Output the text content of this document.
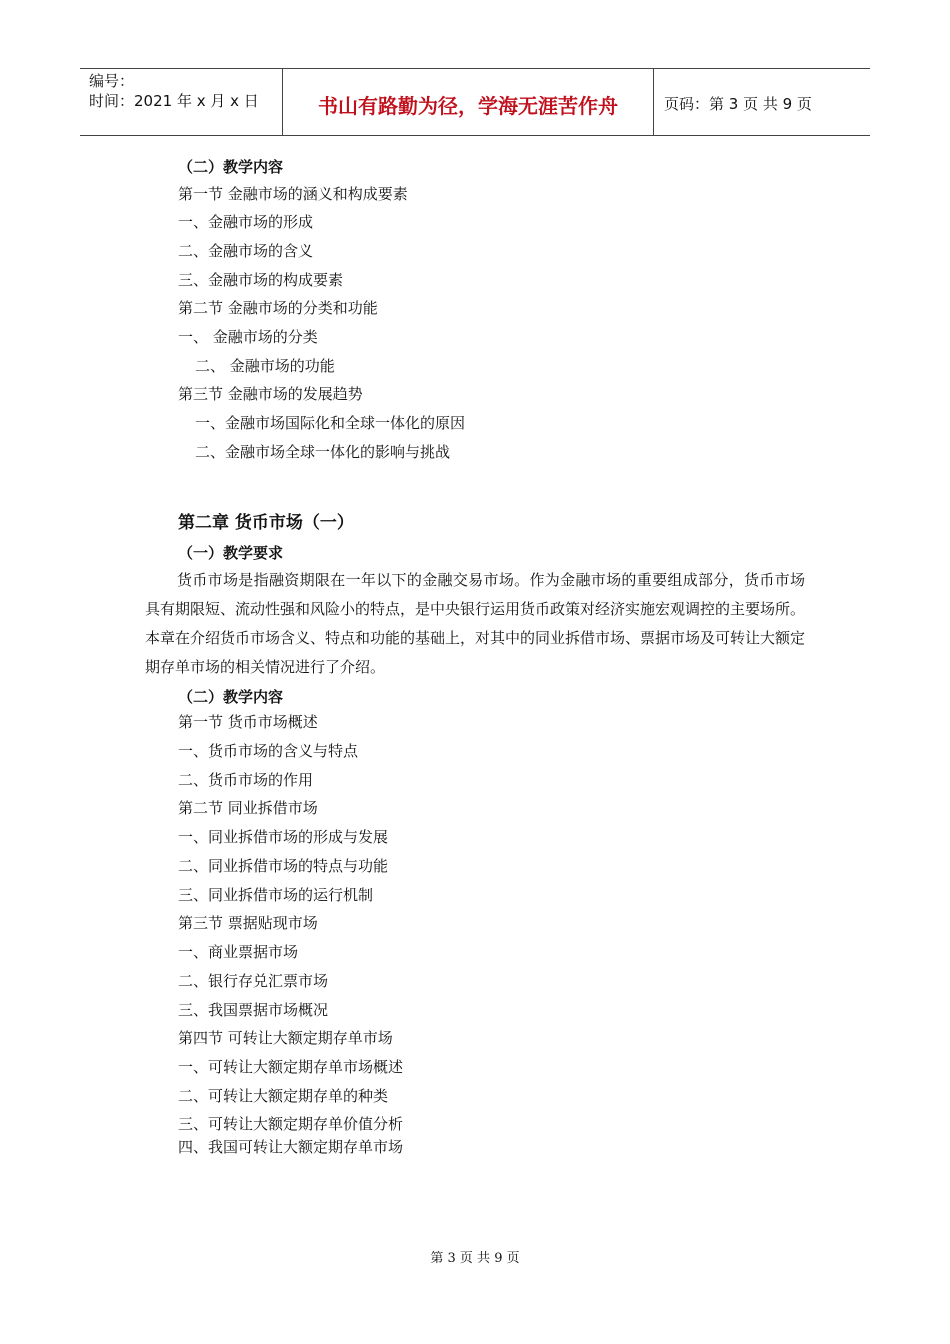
编号：
时间：2021 年 x 月 x 日	书山有路勤为径，学海无涯苦作舟	页码：第 3 页 共 9 页
（二）教学内容
第一节 金融市场的涵义和构成要素
一、金融市场的形成
二、金融市场的含义
三、金融市场的构成要素
第二节 金融市场的分类和功能
一、 金融市场的分类
二、 金融市场的功能
第三节 金融市场的发展趋势
一、金融市场国际化和全球一体化的原因
二、金融市场全球一体化的影响与挑战
第二章 货币市场（一）
（一）教学要求
货币市场是指融资期限在一年以下的金融交易市场。作为金融市场的重要组成部分，货币市场具有期限短、流动性强和风险小的特点，是中央银行运用货币政策对经济实施宏观调控的主要场所。本章在介绍货币市场含义、特点和功能的基础上，对其中的同业拆借市场、票据市场及可转让大额定期存单市场的相关情况进行了介绍。
（二）教学内容
第一节 货币市场概述
一、货币市场的含义与特点
二、货币市场的作用
第二节 同业拆借市场
一、同业拆借市场的形成与发展
二、同业拆借市场的特点与功能
三、同业拆借市场的运行机制
第三节 票据贴现市场
一、商业票据市场
二、银行存兑汇票市场
三、我国票据市场概况
第四节 可转让大额定期存单市场
一、可转让大额定期存单市场概述
二、可转让大额定期存单的种类
三、可转让大额定期存单价值分析
四、我国可转让大额定期存单市场
第 3 页 共 9 页
